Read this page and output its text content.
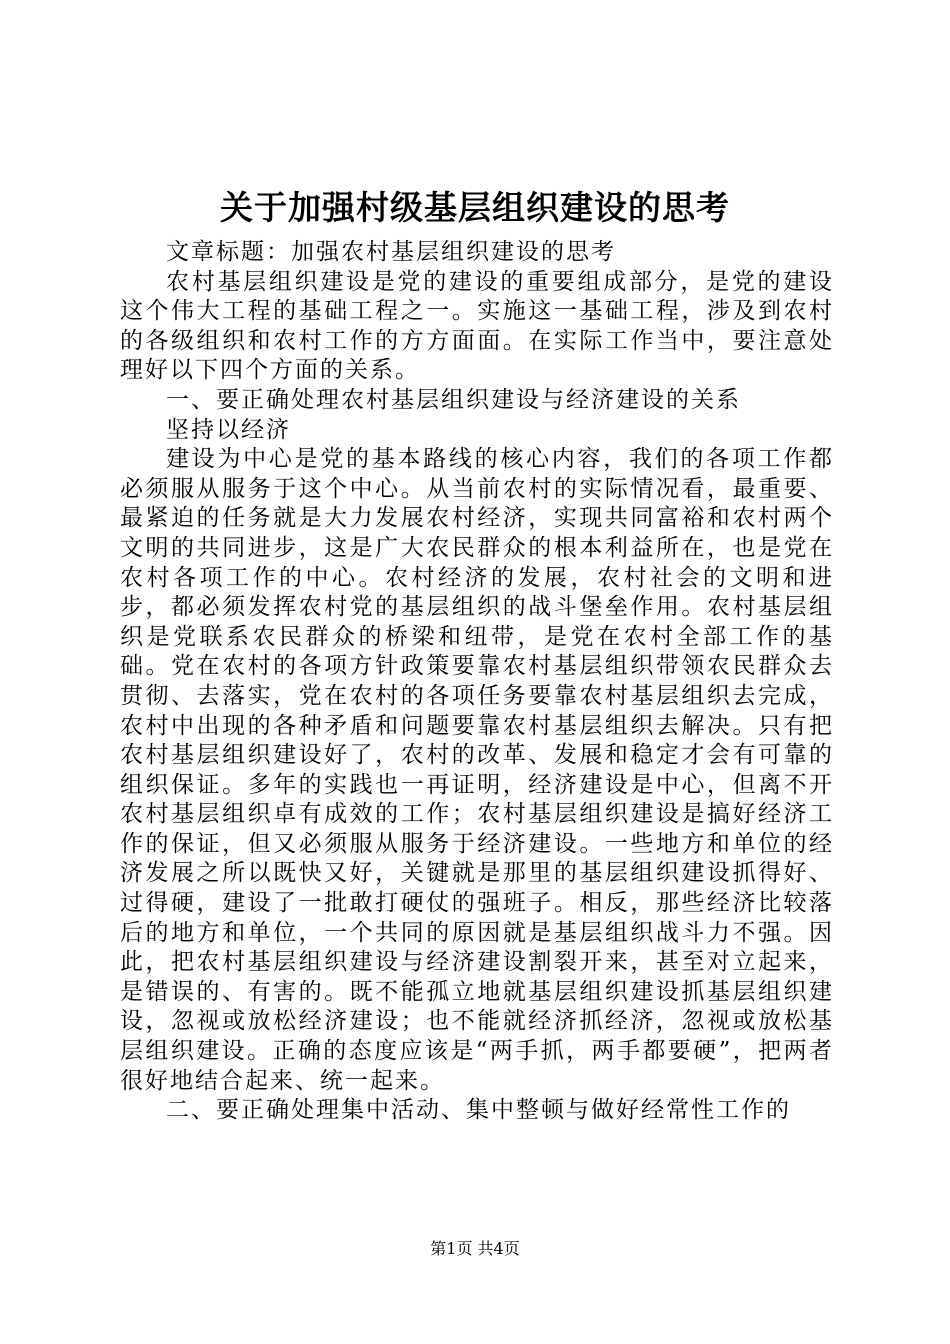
关于加强村级基层组织建设的思考

文章标题：加强农村基层组织建设的思考

农村基层组织建设是党的建设的重要组成部分，是党的建设这个伟大工程的基础工程之一。实施这一基础工程，涉及到农村的各级组织和农村工作的方方面面。在实际工作当中，要注意处理好以下四个方面的关系。

一、要正确处理农村基层组织建设与经济建设的关系

坚持以经济

建设为中心是党的基本路线的核心内容，我们的各项工作都必须服从服务于这个中心。从当前农村的实际情况看，最重要、最紧迫的任务就是大力发展农村经济，实现共同富裕和农村两个文明的共同进步，这是广大农民群众的根本利益所在，也是党在农村各项工作的中心。农村经济的发展，农村社会的文明和进步，都必须发挥农村党的基层组织的战斗堡垒作用。农村基层组织是党联系农民群众的桥梁和纽带，是党在农村全部工作的基础。党在农村的各项方针政策要靠农村基层组织带领农民群众去贯彻、去落实，党在农村的各项任务要靠农村基层组织去完成，农村中出现的各种矛盾和问题要靠农村基层组织去解决。只有把农村基层组织建设好了，农村的改革、发展和稳定才会有可靠的组织保证。多年的实践也一再证明，经济建设是中心，但离不开农村基层组织卓有成效的工作；农村基层组织建设是搞好经济工作的保证，但又必须服从服务于经济建设。一些地方和单位的经济发展之所以既快又好，关键就是那里的基层组织建设抓得好、过得硬，建设了一批敢打硬仗的强班子。相反，那些经济比较落后的地方和单位，一个共同的原因就是基层组织战斗力不强。因此，把农村基层组织建设与经济建设割裂开来，甚至对立起来，是错误的、有害的。既不能孤立地就基层组织建设抓基层组织建设，忽视或放松经济建设；也不能就经济抓经济，忽视或放松基层组织建设。正确的态度应该是“两手抓，两手都要硬”，把两者很好地结合起来、统一起来。

二、要正确处理集中活动、集中整顿与做好经常性工作的

第1页 共4页
